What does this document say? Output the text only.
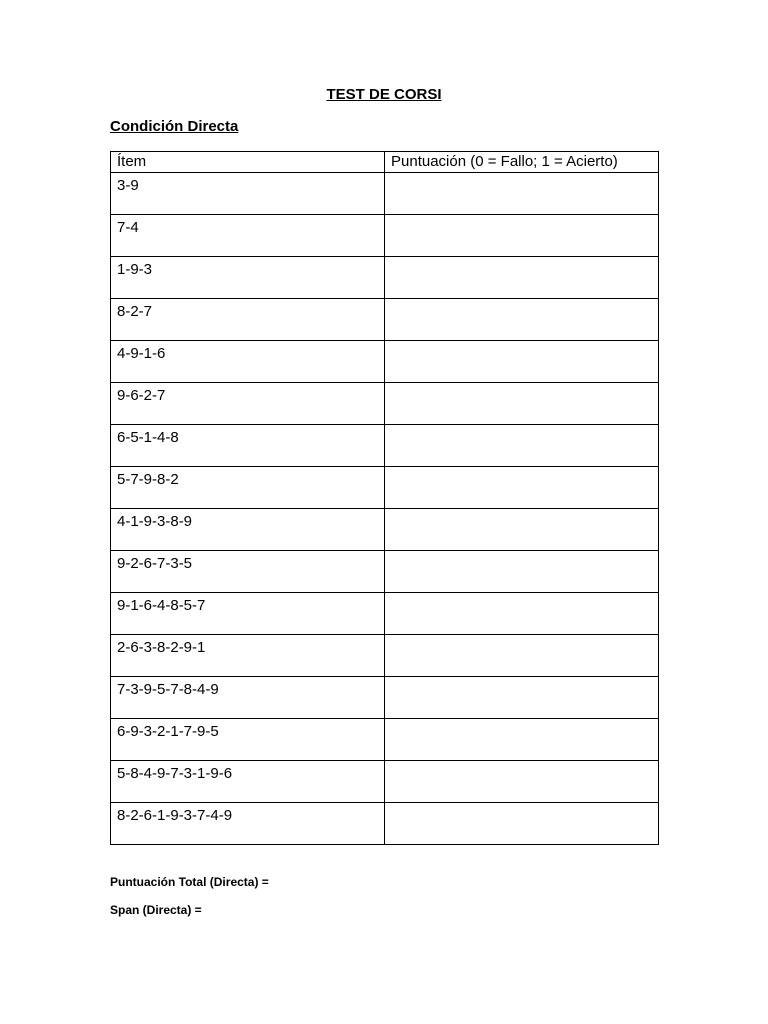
TEST DE CORSI
Condición Directa
Ítem	Puntuación (0 = Fallo; 1 = Acierto)
3-9	

7-4	

1-9-3	

8-2-7	

4-9-1-6	

9-6-2-7	

6-5-1-4-8	

5-7-9-8-2	

4-1-9-3-8-9	

9-2-6-7-3-5	

9-1-6-4-8-5-7	

2-6-3-8-2-9-1	

7-3-9-5-7-8-4-9	

6-9-3-2-1-7-9-5	

5-8-4-9-7-3-1-9-6	

8-2-6-1-9-3-7-4-9	
Puntuación Total (Directa) =
Span (Directa) =
